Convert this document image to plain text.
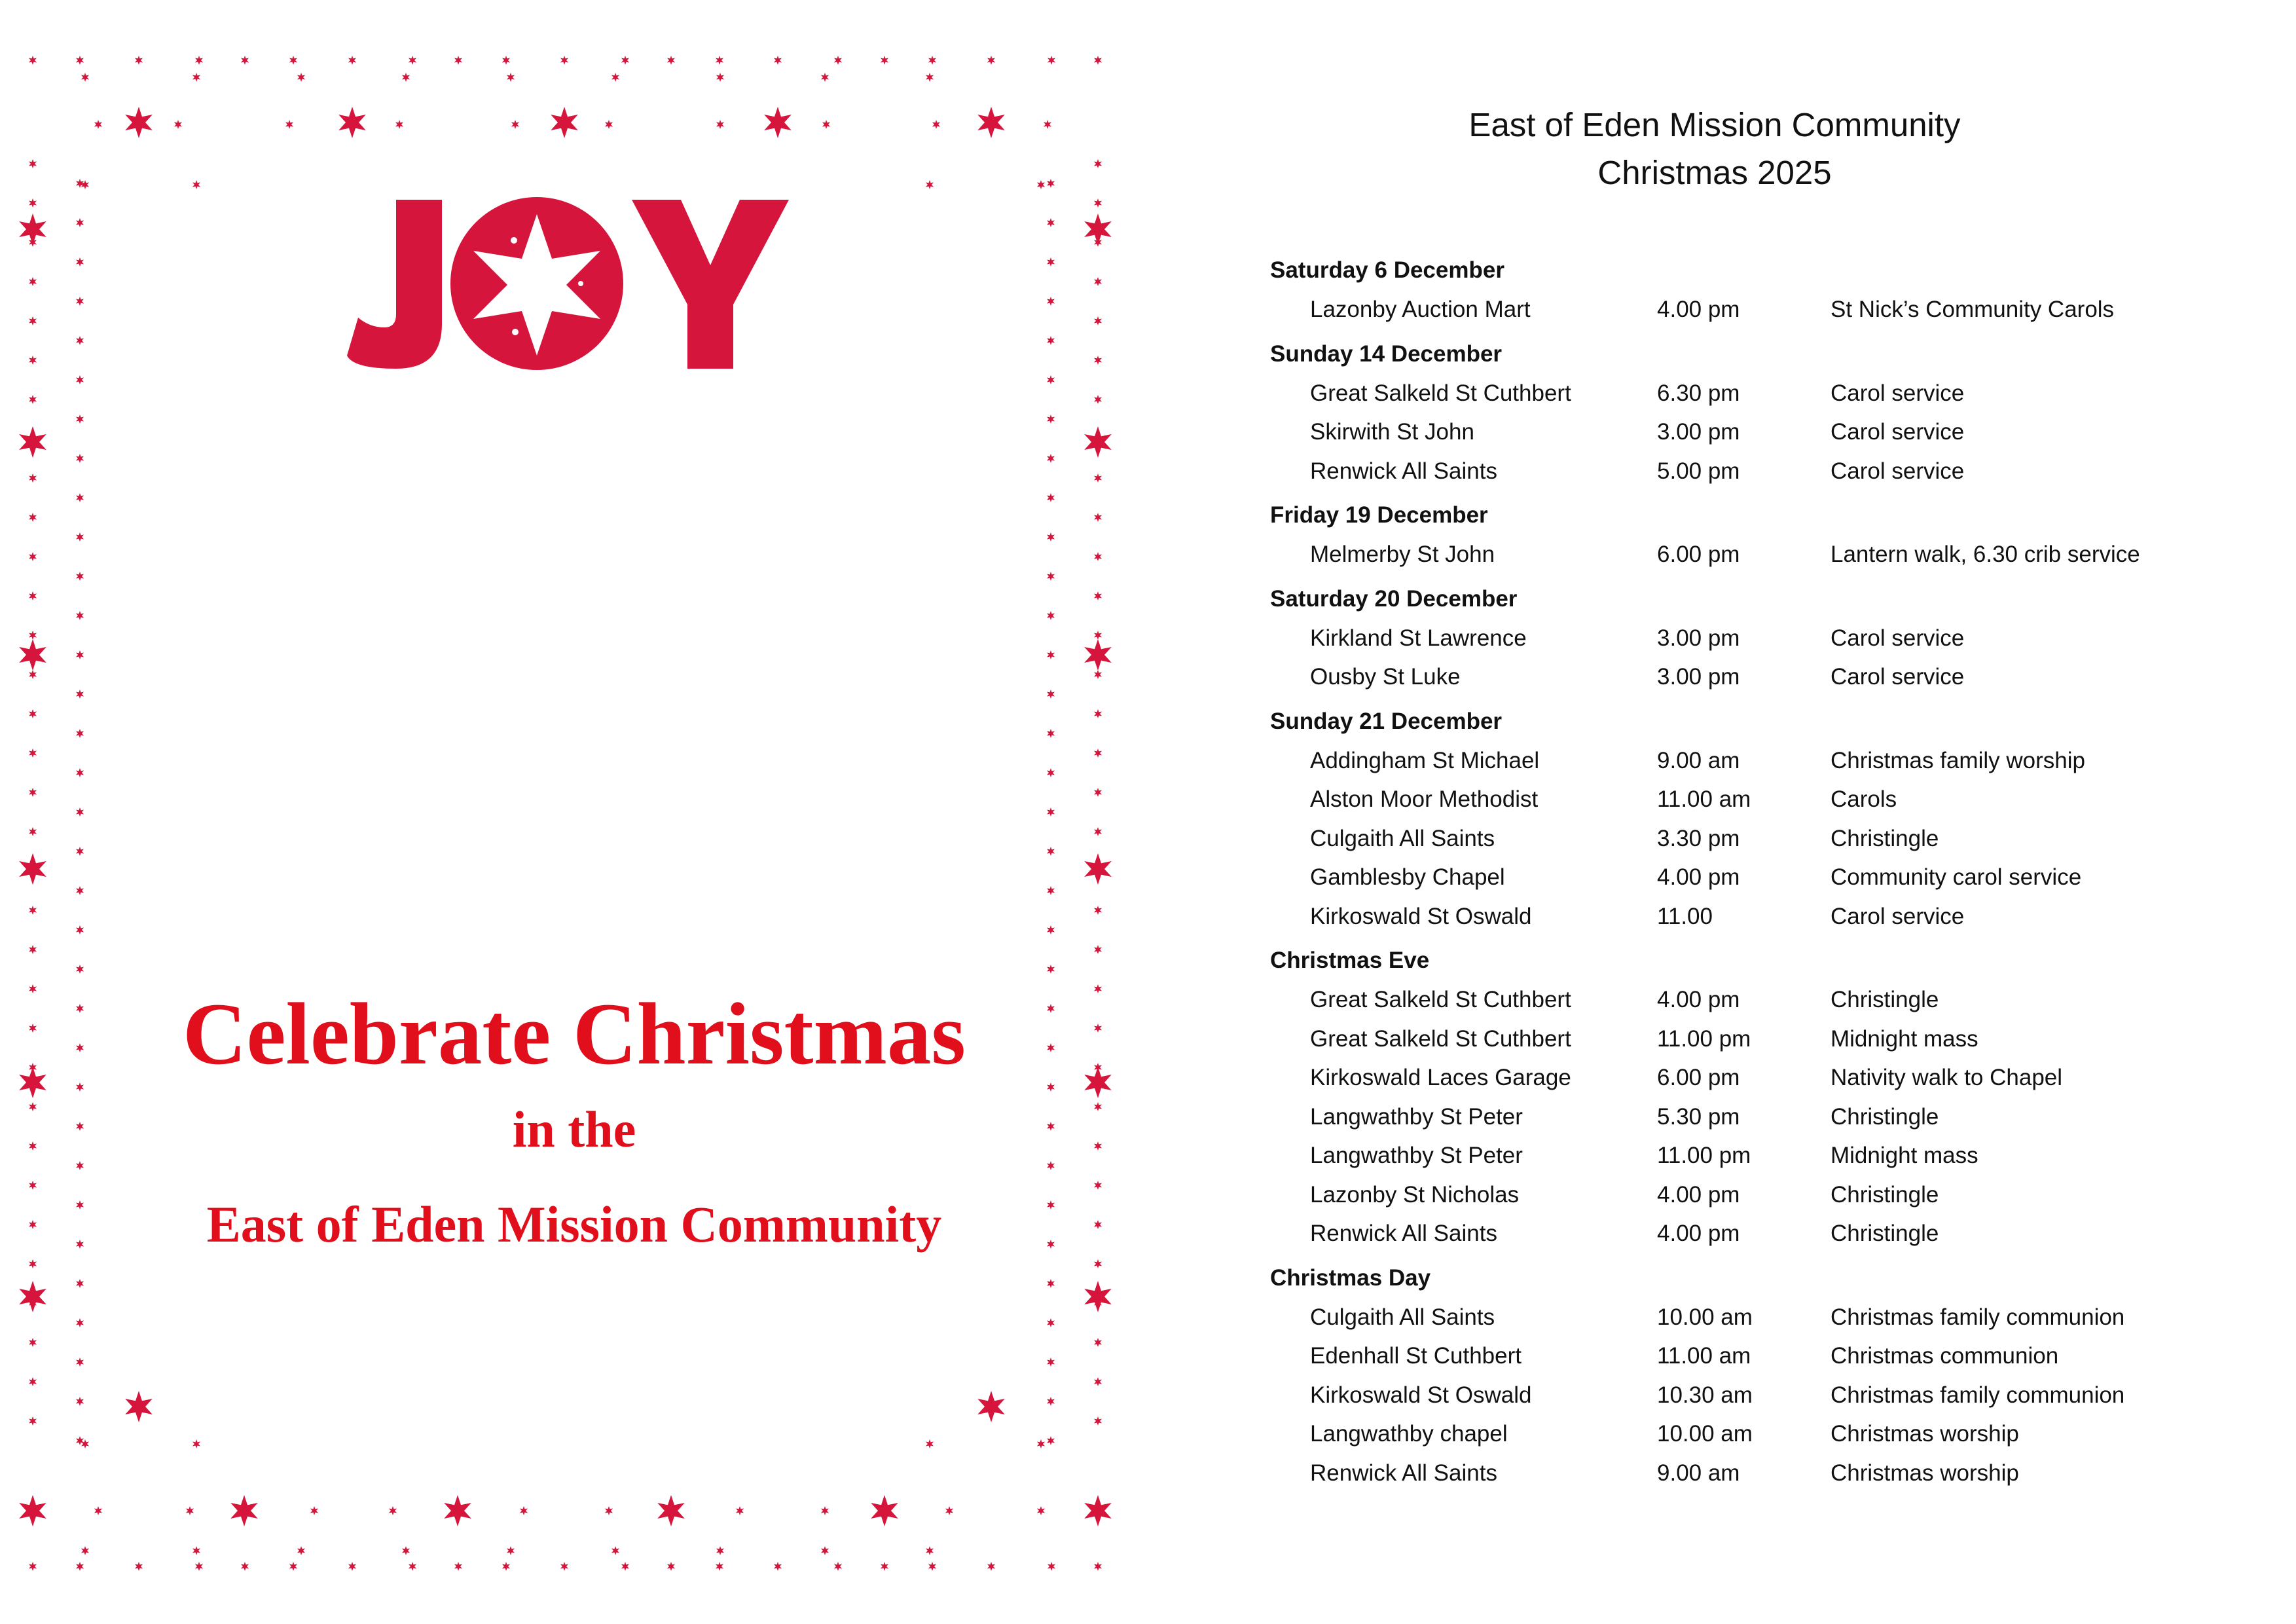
Celebrate Christmas
in the
East of Eden Mission Community
East of Eden Mission Community
Christmas 2025
Saturday 6 December
Lazonby Auction Mart	4.00 pm	St Nick’s Community Carols
Sunday 14 December
Great Salkeld St Cuthbert	6.30 pm	Carol service
Skirwith St John	3.00 pm	Carol service
Renwick All Saints	5.00 pm	Carol service
Friday 19 December
Melmerby St John	6.00 pm	Lantern walk, 6.30 crib service
Saturday 20 December
Kirkland St Lawrence	3.00 pm	Carol service
Ousby St Luke	3.00 pm	Carol service
Sunday 21 December
Addingham St Michael	9.00 am	Christmas family worship
Alston Moor Methodist	11.00 am	Carols
Culgaith All Saints	3.30 pm	Christingle
Gamblesby Chapel	4.00 pm	Community carol service
Kirkoswald St Oswald	11.00	Carol service
Christmas Eve
Great Salkeld St Cuthbert	4.00 pm	Christingle
Great Salkeld St Cuthbert	11.00 pm	Midnight mass
Kirkoswald Laces Garage	6.00 pm	Nativity walk to Chapel
Langwathby St Peter	5.30 pm	Christingle
Langwathby St Peter	11.00 pm	Midnight mass
Lazonby St Nicholas	4.00 pm	Christingle
Renwick All Saints	4.00 pm	Christingle
Christmas Day
Culgaith All Saints	10.00 am	Christmas family communion
Edenhall St Cuthbert	11.00 am	Christmas communion
Kirkoswald St Oswald	10.30 am	Christmas family communion
Langwathby chapel	10.00 am	Christmas worship
Renwick All Saints	9.00 am	Christmas worship
